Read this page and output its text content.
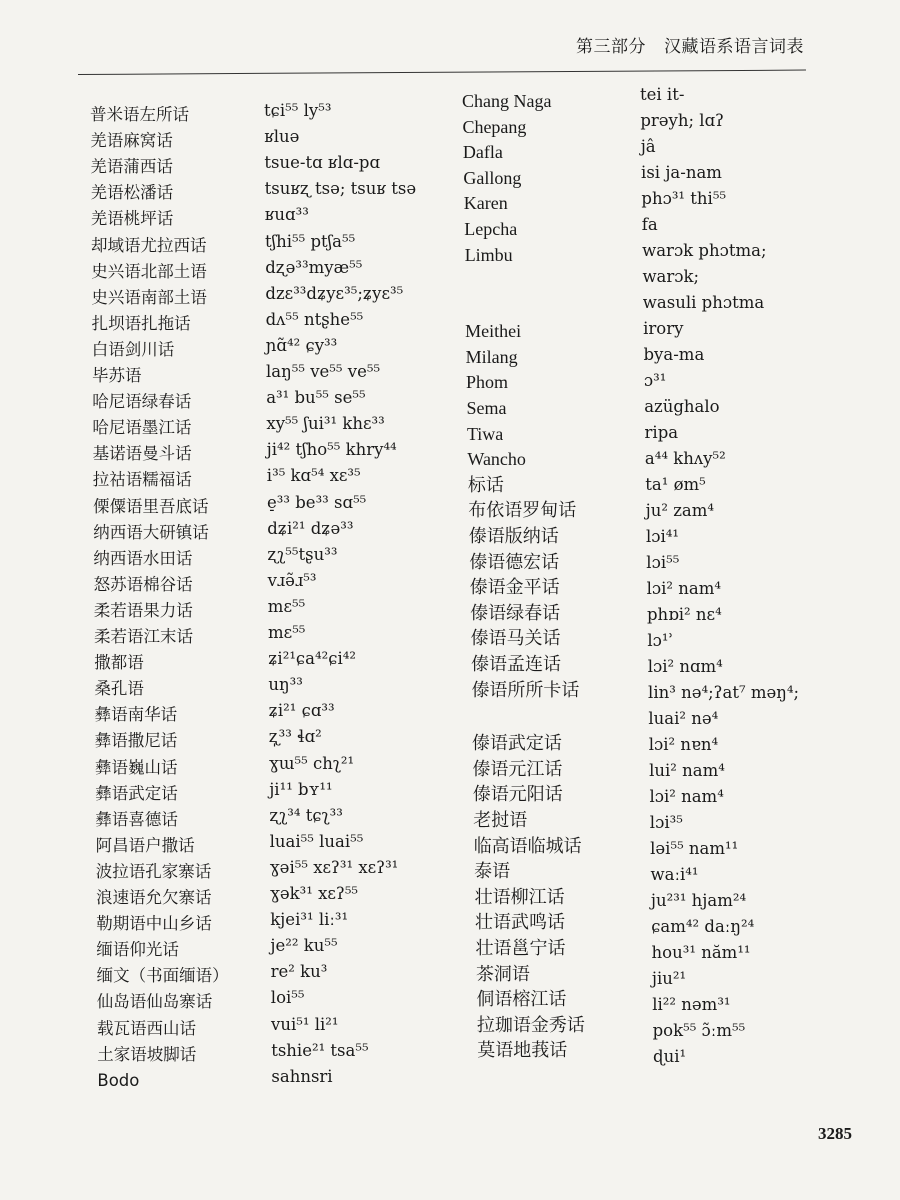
第三部分 汉藏语系语言词表
普米语左所话
羌语麻窝话
羌语蒲西话
羌语松潘话
羌语桃坪话
却域语尤拉西话
史兴语北部土语
史兴语南部土语
扎坝语扎拖话
白语剑川话
毕苏语
哈尼语绿春话
哈尼语墨江话
基诺语曼斗话
拉祜语糯福话
傈僳语里吾底话
纳西语大研镇话
纳西语水田话
怒苏语棉谷话
柔若语果力话
柔若语江末话
撒都语
桑孔语
彝语南华话
彝语撒尼话
彝语巍山话
彝语武定话
彝语喜德话
阿昌语户撒话
波拉语孔家寨话
浪速语允欠寨话
勒期语中山乡话
缅语仰光话
缅文（书面缅语）
仙岛语仙岛寨话
载瓦语西山话
土家语坡脚话
Bodo
tɕi⁵⁵ ly⁵³
ʁluə
tsue-tɑ ʁlɑ-pɑ
tsuʁʐ tsə; tsuʁ tsə
ʁuɑ³³
tʃhi⁵⁵ ptʃa⁵⁵
dʐə³³myæ⁵⁵
dzɛ³³dʑyɛ³⁵;ʑyɛ³⁵
dʌ⁵⁵ ntʂhe⁵⁵
ɲɑ̃⁴² ɕy³³
laŋ⁵⁵ ve⁵⁵ ve⁵⁵
a³¹ bu⁵⁵ se⁵⁵
xy⁵⁵ ʃui³¹ khɛ³³
ji⁴² tʃho⁵⁵ khry⁴⁴
i³⁵ kɑ⁵⁴ xɛ³⁵
e̠³³ be³³ sɑ⁵⁵
dʑi²¹ dʑə³³
ʐʅ⁵⁵tʂu³³
vɹə̃ɹ⁵³
mɛ⁵⁵
mɛ⁵⁵
ʑi²¹ɕa⁴²ɕi⁴²
uŋ³³
ʑi²¹ ɕɑ³³
ʐ̩³³ ɬɑ²
ɣɯ⁵⁵ chʅ²¹
ji¹¹ bʏ¹¹
ʐʅ³⁴ tɕʅ³³
luai⁵⁵ luai⁵⁵
ɣəi⁵⁵ xɛʔ³¹ xɛʔ³¹
ɣək³¹ xɛʔ⁵⁵
kjei³¹ liː³¹
je²² ku⁵⁵
re² ku³
loi⁵⁵
vui⁵¹ li²¹
tshie²¹ tsa⁵⁵
sahnsri
Chang Naga
Chepang
Dafla
Gallong
Karen
Lepcha
Limbu
Meithei
Milang
Phom
Sema
Tiwa
Wancho
标话
布依语罗甸话
傣语版纳话
傣语德宏话
傣语金平话
傣语绿春话
傣语马关话
傣语孟连话
傣语所所卡话
傣语武定话
傣语元江话
傣语元阳话
老挝语
临高语临城话
泰语
壮语柳江话
壮语武鸣话
壮语邕宁话
茶洞语
侗语榕江话
拉珈语金秀话
莫语地莪话
tei it-
prəyh; lɑʔ
jâ
isi ja-nam
phɔ³¹ thi⁵⁵
fa
warɔk phɔtma;
warɔk;
wasuli phɔtma
irory
bya-ma
ɔ³¹
azüghalo
ripa
a⁴⁴ khʌy⁵²
ta¹ øm⁵
ju² zam⁴
lɔi⁴¹
lɔi⁵⁵
lɔi² nam⁴
phɒi² nɛ⁴
lɔ¹ʾ
lɔi² nɑm⁴
lin³ nə⁴;ʔat⁷ məŋ⁴;
luai² nə⁴
lɔi² nɐn⁴
lui² nam⁴
lɔi² nam⁴
lɔi³⁵
ləi⁵⁵ nam¹¹
waːi⁴¹
ju²³¹ hjam²⁴
ɕam⁴² daːŋ²⁴
hou³¹ năm¹¹
jiu²¹
li²² nəm³¹
pok⁵⁵ ɔ̃ːm⁵⁵
ɖui¹
3285
